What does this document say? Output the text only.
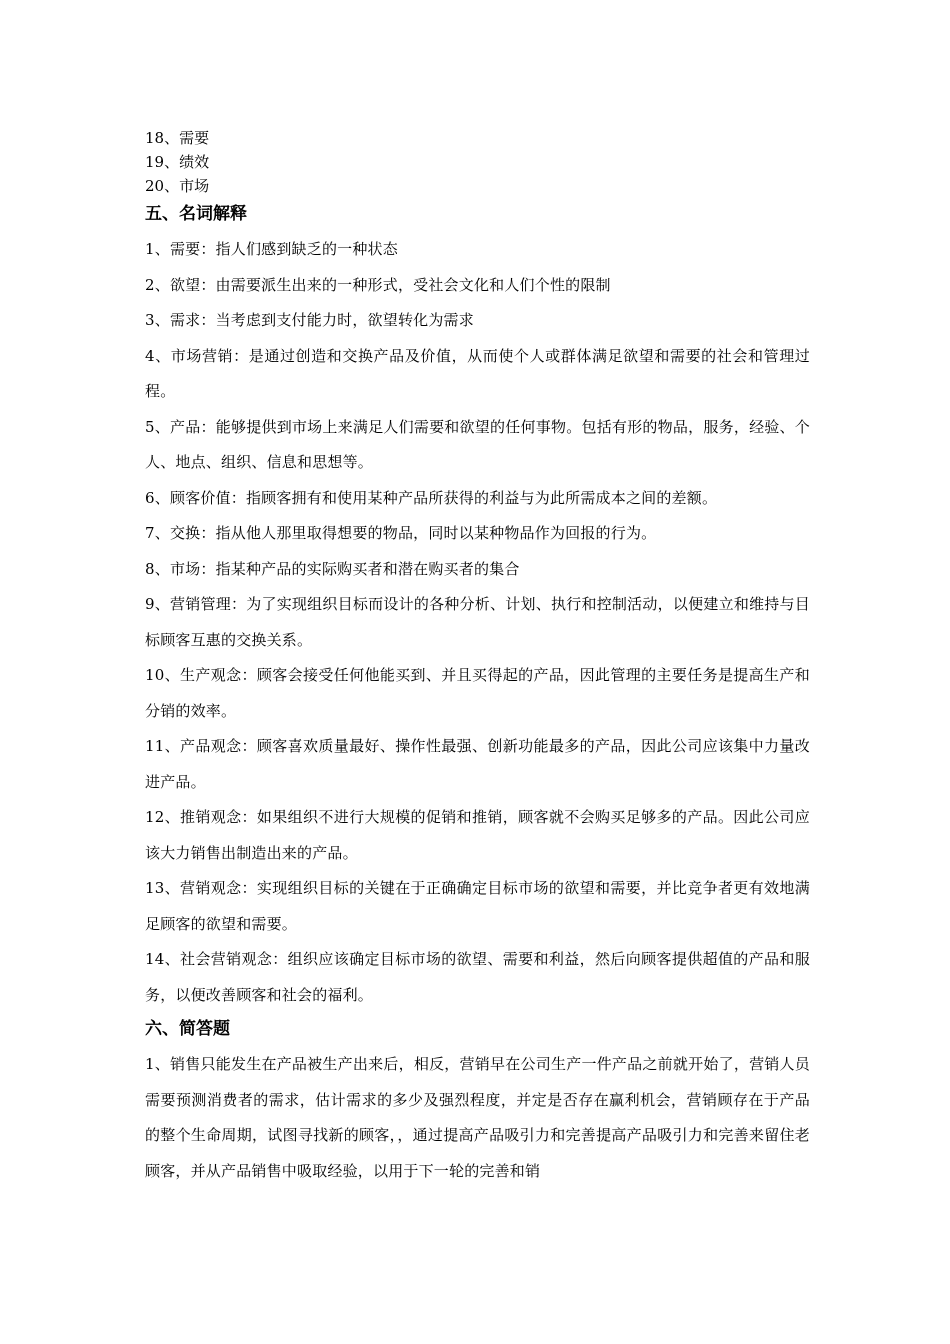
18、需要
19、绩效
20、市场
五、名词解释
1、需要：指人们感到缺乏的一种状态
2、欲望：由需要派生出来的一种形式，受社会文化和人们个性的限制
3、需求：当考虑到支付能力时，欲望转化为需求
4、市场营销：是通过创造和交换产品及价值，从而使个人或群体满足欲望和需要的社会和管理过程。
5、产品：能够提供到市场上来满足人们需要和欲望的任何事物。包括有形的物品，服务，经验、个人、地点、组织、信息和思想等。
6、顾客价值：指顾客拥有和使用某种产品所获得的利益与为此所需成本之间的差额。
7、交换：指从他人那里取得想要的物品，同时以某种物品作为回报的行为。
8、市场：指某种产品的实际购买者和潜在购买者的集合
9、营销管理：为了实现组织目标而设计的各种分析、计划、执行和控制活动，以便建立和维持与目标顾客互惠的交换关系。
10、生产观念：顾客会接受任何他能买到、并且买得起的产品，因此管理的主要任务是提高生产和分销的效率。
11、产品观念：顾客喜欢质量最好、操作性最强、创新功能最多的产品，因此公司应该集中力量改进产品。
12、推销观念：如果组织不进行大规模的促销和推销，顾客就不会购买足够多的产品。因此公司应该大力销售出制造出来的产品。
13、营销观念：实现组织目标的关键在于正确确定目标市场的欲望和需要，并比竞争者更有效地满足顾客的欲望和需要。
14、社会营销观念：组织应该确定目标市场的欲望、需要和利益，然后向顾客提供超值的产品和服务，以便改善顾客和社会的福利。
六、简答题
1、销售只能发生在产品被生产出来后，相反，营销早在公司生产一件产品之前就开始了，营销人员需要预测消费者的需求，估计需求的多少及强烈程度，并定是否存在赢利机会，营销顾存在于产品的整个生命周期，试图寻找新的顾客，，通过提高产品吸引力和完善提高产品吸引力和完善来留住老顾客，并从产品销售中吸取经验，以用于下一轮的完善和销
